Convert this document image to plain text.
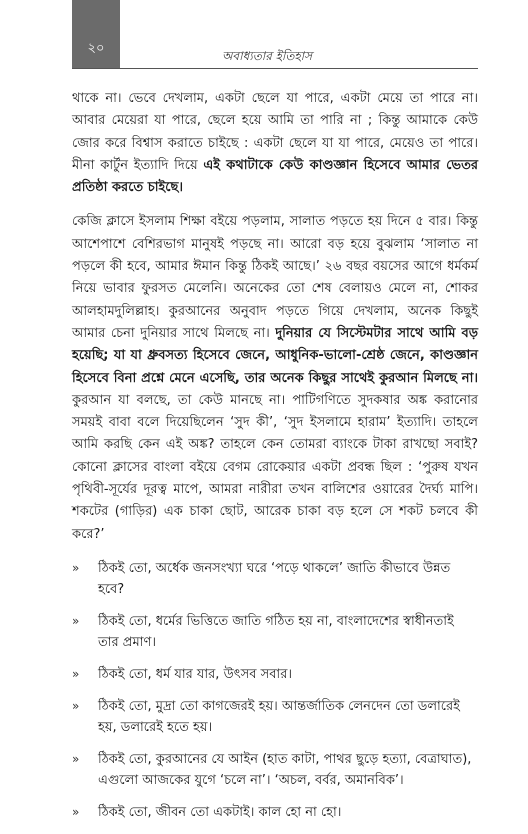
২০	অবাধ্যতার ইতিহাস

থাকে না। ভেবে দেখলাম, একটা ছেলে যা পারে, একটা মেয়ে তা পারে না। আবার মেয়েরা যা পারে, ছেলে হয়ে আমি তা পারি না ; কিন্তু আমাকে কেউ জোর করে বিশ্বাস করাতে চাইছে : একটা ছেলে যা যা পারে, মেয়েও তা পারে। মীনা কার্টুন ইত্যাদি দিয়ে এই কথাটাকে কেউ কাণ্ডজ্ঞান হিসেবে আমার ভেতর প্রতিষ্ঠা করতে চাইছে।

কেজি ক্লাসে ইসলাম শিক্ষা বইয়ে পড়লাম, সালাত পড়তে হয় দিনে ৫ বার। কিন্তু আশেপাশে বেশিরভাগ মানুষই পড়ছে না। আরো বড় হয়ে বুঝলাম ‘সালাত না পড়লে কী হবে, আমার ঈমান কিন্তু ঠিকই আছে।’ ২৬ বছর বয়সের আগে ধর্মকর্ম নিয়ে ভাবার ফুরসত মেলেনি। অনেকের তো শেষ বেলায়ও মেলে না, শোকর আলহামদুলিল্লাহ। কুরআনের অনুবাদ পড়তে গিয়ে দেখলাম, অনেক কিছুই আমার চেনা দুনিয়ার সাথে মিলছে না। দুনিয়ার যে সিস্টেমটার সাথে আমি বড় হয়েছি; যা যা ধ্রুবসত্য হিসেবে জেনে, আধুনিক-ভালো-শ্রেষ্ঠ জেনে, কাণ্ডজ্ঞান হিসেবে বিনা প্রশ্নে মেনে এসেছি, তার অনেক কিছুর সাথেই কুরআন মিলছে না। কুরআন যা বলছে, তা কেউ মানছে না। পাটিগণিতে সুদকষার অঙ্ক করানোর সময়ই বাবা বলে দিয়েছিলেন ‘সুদ কী’, ‘সুদ ইসলামে হারাম’ ইত্যাদি। তাহলে আমি করছি কেন এই অঙ্ক? তাহলে কেন তোমরা ব্যাংকে টাকা রাখছো সবাই? কোনো ক্লাসের বাংলা বইয়ে বেগম রোকেয়ার একটা প্রবন্ধ ছিল : ‘পুরুষ যখন পৃথিবী-সূর্যের দূরত্ব মাপে, আমরা নারীরা তখন বালিশের ওয়ারের দৈর্ঘ্য মাপি। শকটের (গাড়ির) এক চাকা ছোট, আরেক চাকা বড় হলে সে শকট চলবে কী করে?’

» ঠিকই তো, অর্ধেক জনসংখ্যা ঘরে ‘পড়ে থাকলে’ জাতি কীভাবে উন্নত হবে?
» ঠিকই তো, ধর্মের ভিত্তিতে জাতি গঠিত হয় না, বাংলাদেশের স্বাধীনতাই তার প্রমাণ।
» ঠিকই তো, ধর্ম যার যার, উৎসব সবার।
» ঠিকই তো, মুদ্রা তো কাগজেরই হয়। আন্তর্জাতিক লেনদেন তো ডলারেই হয়, ডলারেই হতে হয়।
» ঠিকই তো, কুরআনের যে আইন (হাত কাটা, পাথর ছুড়ে হত্যা, বেত্রাঘাত), এগুলো আজকের যুগে ‘চলে না’। ‘অচল, বর্বর, অমানবিক’।
» ঠিকই তো, জীবন তো একটাই। কাল হো না হো।
